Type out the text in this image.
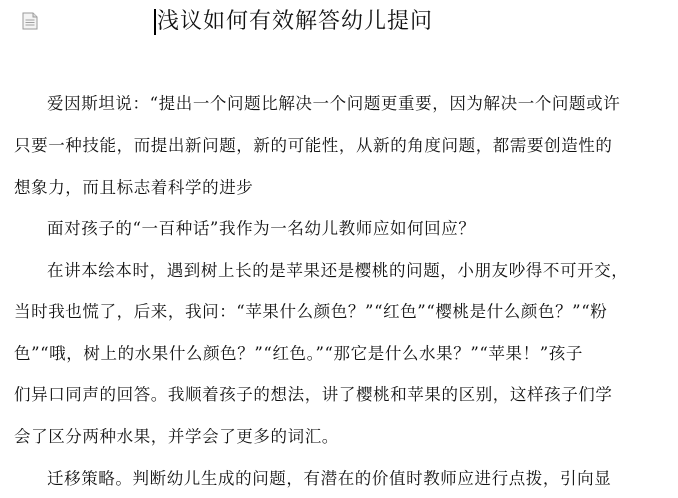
浅议如何有效解答幼儿提问
爱因斯坦说：“提出一个问题比解决一个问题更重要，因为解决一个问题或许
只要一种技能，而提出新问题，新的可能性，从新的角度问题，都需要创造性的
想象力，而且标志着科学的进步
面对孩子的“一百种话”我作为一名幼儿教师应如何回应？
在讲本绘本时，遇到树上长的是苹果还是樱桃的问题，小朋友吵得不可开交，
当时我也慌了，后来，我问：“苹果什么颜色？”“红色”“樱桃是什么颜色？”“粉
色”“哦，树上的水果什么颜色？”“红色。”“那它是什么水果？”“苹果！”孩子
们异口同声的回答。我顺着孩子的想法，讲了樱桃和苹果的区别，这样孩子们学
会了区分两种水果，并学会了更多的词汇。
迁移策略。判断幼儿生成的问题，有潜在的价值时教师应进行点拨，引向显
